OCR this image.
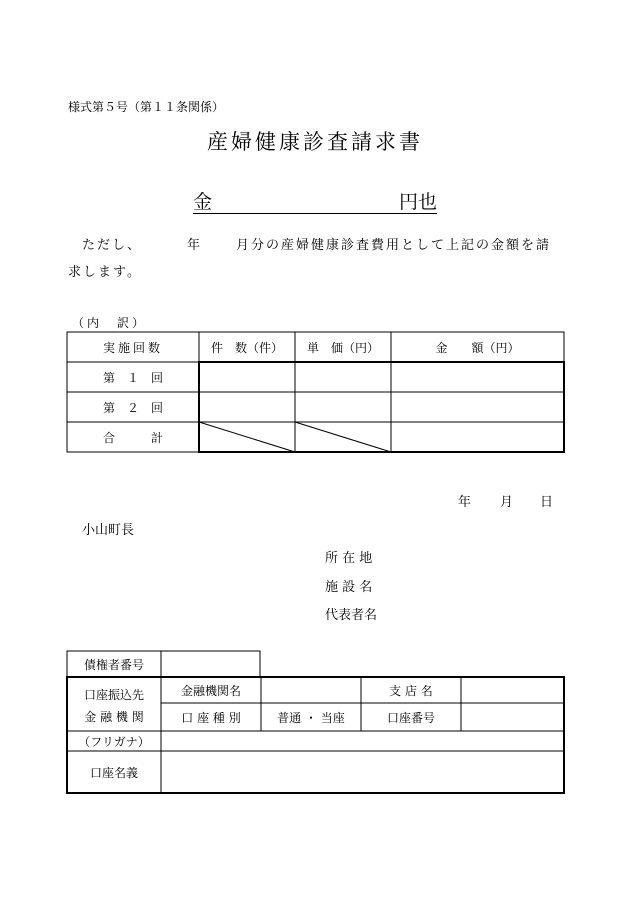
様式第５号（第１１条関係）
産婦健康診査請求書
金	円也
ただし、	年	月分の産婦健康診査費用として上記の金額を請
求します。
（内　訳）
実施回数	件　数（件）	単　価（円）	金　　額（円）
第　１　回
第　２　回
合　　　計
年 月 日
小山町長
所 在 地
施 設 名
代表者名
債権者番号
口座振込先
金 融 機 関
金融機関名	支 店 名
口 座 種 別	普通 ・ 当座	口座番号
（フリガナ）
口座名義
